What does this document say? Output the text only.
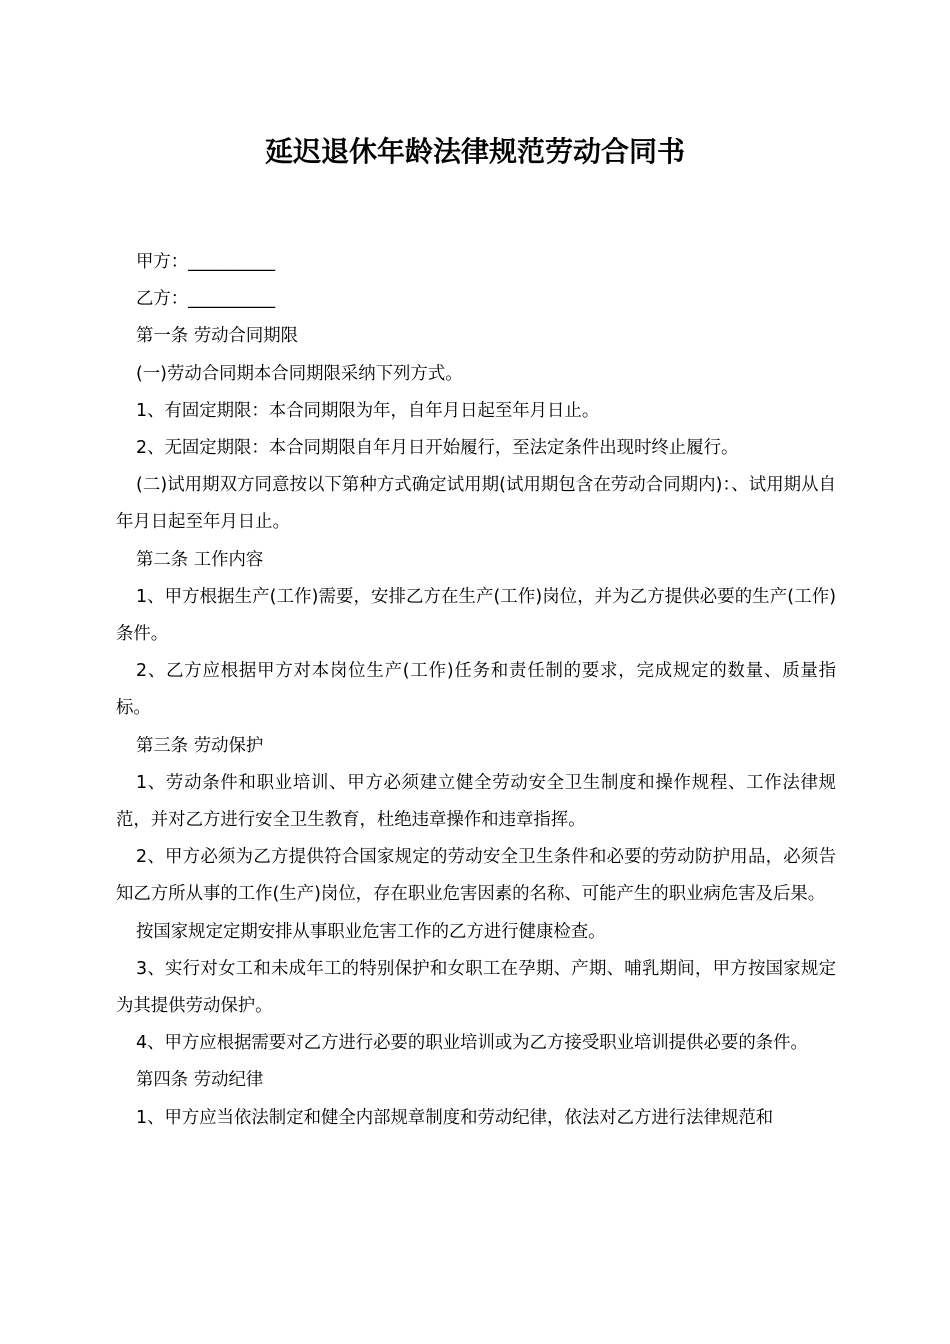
延迟退休年龄法律规范劳动合同书

甲方：__________

乙方：__________

第一条 劳动合同期限

(一)劳动合同期本合同期限采纳下列方式。

1、有固定期限：本合同期限为年，自年月日起至年月日止。

2、无固定期限：本合同期限自年月日开始履行，至法定条件出现时终止履行。

(二)试用期双方同意按以下第种方式确定试用期(试用期包含在劳动合同期内)：、试用期从自年月日起至年月日止。

第二条 工作内容

1、甲方根据生产(工作)需要，安排乙方在生产(工作)岗位，并为乙方提供必要的生产(工作)条件。

2、乙方应根据甲方对本岗位生产(工作)任务和责任制的要求，完成规定的数量、质量指标。

第三条 劳动保护

1、劳动条件和职业培训、甲方必须建立健全劳动安全卫生制度和操作规程、工作法律规范，并对乙方进行安全卫生教育，杜绝违章操作和违章指挥。

2、甲方必须为乙方提供符合国家规定的劳动安全卫生条件和必要的劳动防护用品，必须告知乙方所从事的工作(生产)岗位，存在职业危害因素的名称、可能产生的职业病危害及后果。

按国家规定定期安排从事职业危害工作的乙方进行健康检查。

3、实行对女工和未成年工的特别保护和女职工在孕期、产期、哺乳期间，甲方按国家规定为其提供劳动保护。

4、甲方应根据需要对乙方进行必要的职业培训或为乙方接受职业培训提供必要的条件。

第四条 劳动纪律

1、甲方应当依法制定和健全内部规章制度和劳动纪律，依法对乙方进行法律规范和
